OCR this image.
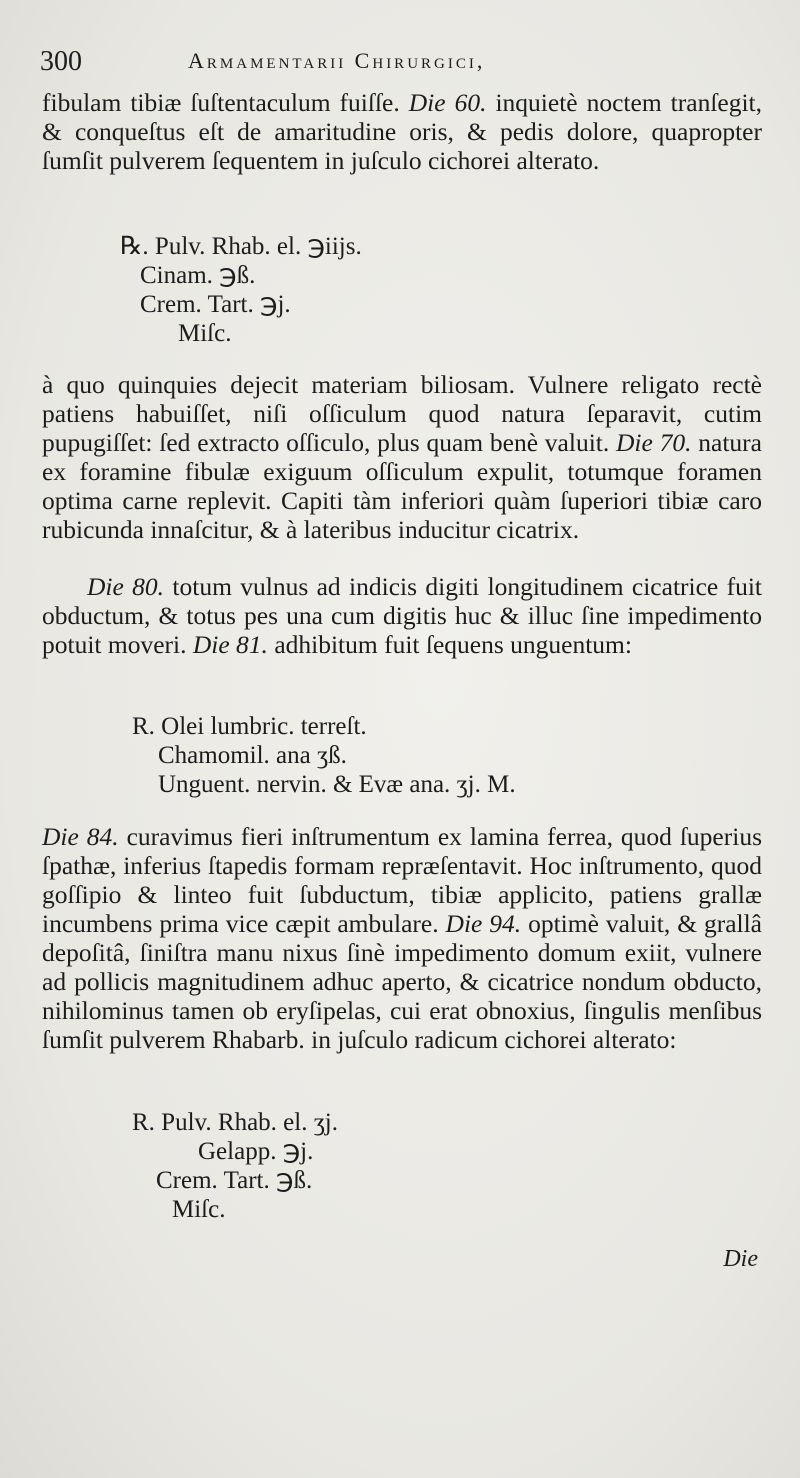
300	Armamentarii Chirurgici,

fibulam tibiæ ſuſtentaculum fuiſſe. Die 60. inquietè noctem tranſegit, & conqueſtus eſt de amaritudine oris, & pedis dolore, quapropter ſumſit pulverem ſequentem in juſculo cichorei alterato.

℞. Pulv. Rhab. el. ℈iijs.
Cinam. ℈ß.
Crem. Tart. ℈j.
Miſc.

à quo quinquies dejecit materiam biliosam. Vulnere religato rectè patiens habuiſſet, niſi oſſiculum quod natura ſeparavit, cutim pupugiſſet: ſed extracto oſſiculo, plus quam benè valuit. Die 70. natura ex foramine fibulæ exiguum oſſiculum expulit, totumque foramen optima carne replevit. Capiti tàm inferiori quàm ſuperiori tibiæ caro rubicunda innaſcitur, & à lateribus inducitur cicatrix.

Die 80. totum vulnus ad indicis digiti longitudinem cicatrice fuit obductum, & totus pes una cum digitis huc & illuc ſine impedimento potuit moveri. Die 81. adhibitum fuit ſequens unguentum:

R. Olei lumbric. terreſt.
Chamomil. ana ʒß.
Unguent. nervin. & Evæ ana. ʒj. M.

Die 84. curavimus fieri inſtrumentum ex lamina ferrea, quod ſuperius ſpathæ, inferius ſtapedis formam repræſentavit. Hoc inſtrumento, quod goſſipio & linteo fuit ſubductum, tibiæ applicito, patiens grallæ incumbens prima vice cæpit ambulare. Die 94. optimè valuit, & grallâ depoſitâ, ſiniſtra manu nixus ſinè impedimento domum exiit, vulnere ad pollicis magnitudinem adhuc aperto, & cicatrice nondum obducto, nihilominus tamen ob eryſipelas, cui erat obnoxius, ſingulis menſibus ſumſit pulverem Rhabarb. in juſculo radicum cichorei alterato:

R. Pulv. Rhab. el. ʒj.
Gelapp. ℈j.
Crem. Tart. ℈ß.
Miſc.
Die
